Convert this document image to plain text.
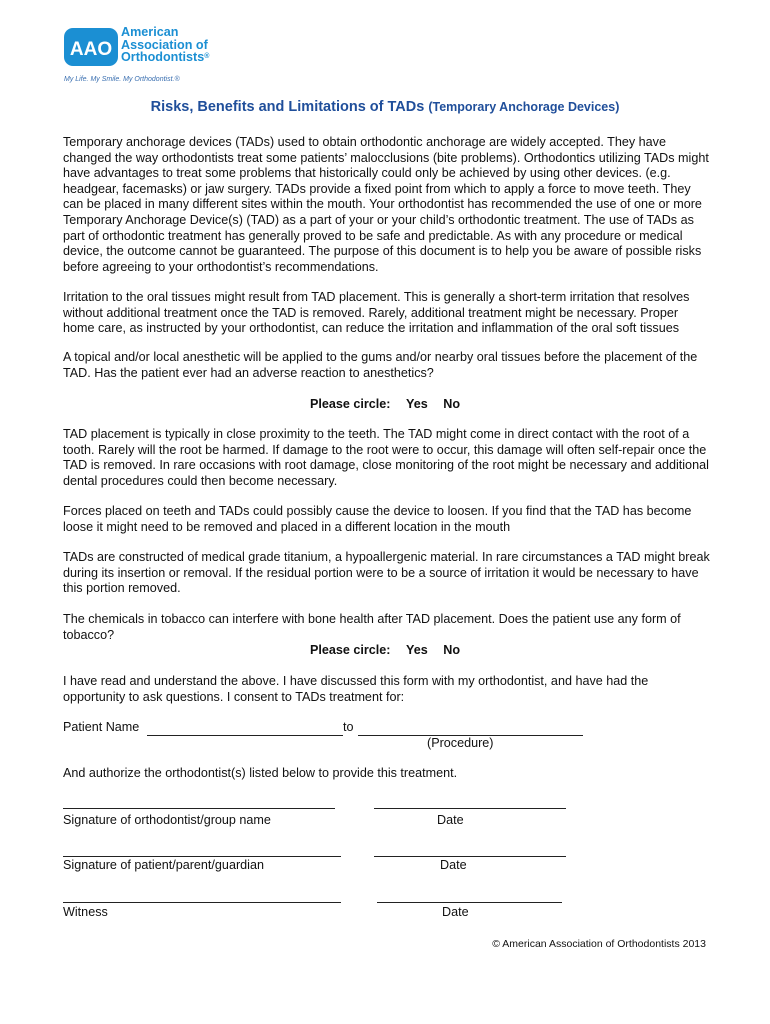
AAO
American
Association of
Orthodontists®
My Life. My Smile. My Orthodontist.®
Risks, Benefits and Limitations of TADs (Temporary Anchorage Devices)

Temporary anchorage devices (TADs) used to obtain orthodontic anchorage are widely accepted. They have changed the way orthodontists treat some patients’ malocclusions (bite problems). Orthodontics utilizing TADs might have advantages to treat some problems that historically could only be achieved by using other devices. (e.g. headgear, facemasks) or jaw surgery. TADs provide a fixed point from which to apply a force to move teeth. They can be placed in many different sites within the mouth. Your orthodontist has recommended the use of one or more Temporary Anchorage Device(s) (TAD) as a part of your or your child’s orthodontic treatment. The use of TADs as part of orthodontic treatment has generally proved to be safe and predictable. As with any procedure or medical device, the outcome cannot be guaranteed. The purpose of this document is to help you be aware of possible risks before agreeing to your orthodontist’s recommendations.

Irritation to the oral tissues might result from TAD placement. This is generally a short-term irritation that resolves without additional treatment once the TAD is removed. Rarely, additional treatment might be necessary. Proper home care, as instructed by your orthodontist, can reduce the irritation and inflammation of the oral soft tissues

A topical and/or local anesthetic will be applied to the gums and/or nearby oral tissues before the placement of the TAD. Has the patient ever had an adverse reaction to anesthetics?

Please circle: Yes No

TAD placement is typically in close proximity to the teeth. The TAD might come in direct contact with the root of a tooth. Rarely will the root be harmed. If damage to the root were to occur, this damage will often self-repair once the TAD is removed. In rare occasions with root damage, close monitoring of the root might be necessary and additional dental procedures could then become necessary.

Forces placed on teeth and TADs could possibly cause the device to loosen. If you find that the TAD has become loose it might need to be removed and placed in a different location in the mouth

TADs are constructed of medical grade titanium, a hypoallergenic material. In rare circumstances a TAD might break during its insertion or removal. If the residual portion were to be a source of irritation it would be necessary to have this portion removed.

The chemicals in tobacco can interfere with bone health after TAD placement. Does the patient use any form of tobacco?

Please circle: Yes No

I have read and understand the above. I have discussed this form with my orthodontist, and have had the opportunity to ask questions. I consent to TADs treatment for:

Patient Name	to
(Procedure)

And authorize the orthodontist(s) listed below to provide this treatment.

Signature of orthodontist/group name	Date
Signature of patient/parent/guardian	Date
Witness	Date
© American Association of Orthodontists 2013
